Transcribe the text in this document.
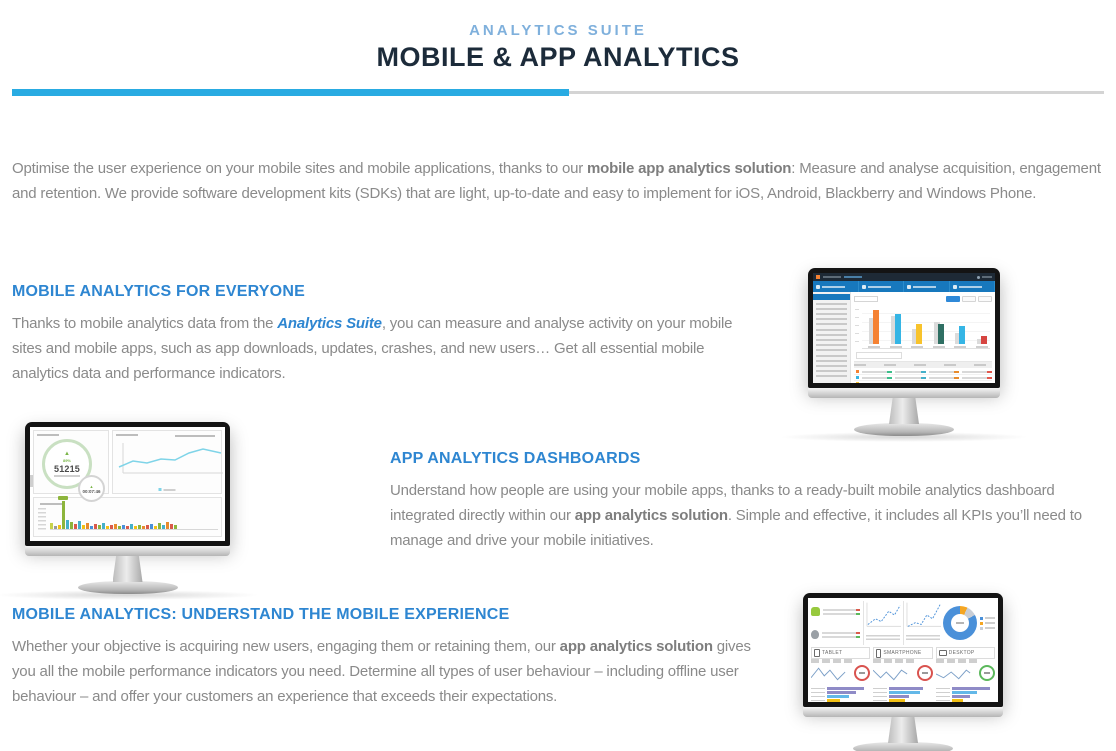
ANALYTICS SUITE
MOBILE & APP ANALYTICS

Optimise the user experience on your mobile sites and mobile applications, thanks to our mobile app analytics solution: Measure and analyse acquisition, engagement and retention. We provide software development kits (SDKs) that are light, up-to-date and easy to implement for iOS, Android, Blackberry and Windows Phone.

MOBILE ANALYTICS FOR EVERYONE

Thanks to mobile analytics data from the Analytics Suite, you can measure and analyse activity on your mobile sites and mobile apps, such as app downloads, updates, crashes, and new users… Get all essential mobile analytics data and performance indicators.

APP ANALYTICS DASHBOARDS

Understand how people are using your mobile apps, thanks to a ready-built mobile analytics dashboard integrated directly within our app analytics solution. Simple and effective, it includes all KPIs you’ll need to manage and drive your mobile initiatives.

MOBILE ANALYTICS: UNDERSTAND THE MOBILE EXPERIENCE

Whether your objective is acquiring new users, engaging them or retaining them, our app analytics solution gives you all the mobile performance indicators you need. Determine all types of user behaviour – including offline user behaviour – and offer your customers an experience that exceeds their expectations.

▲
89%
51215
▲
00:07:46
TABLET	SMARTPHONE	DESKTOP
